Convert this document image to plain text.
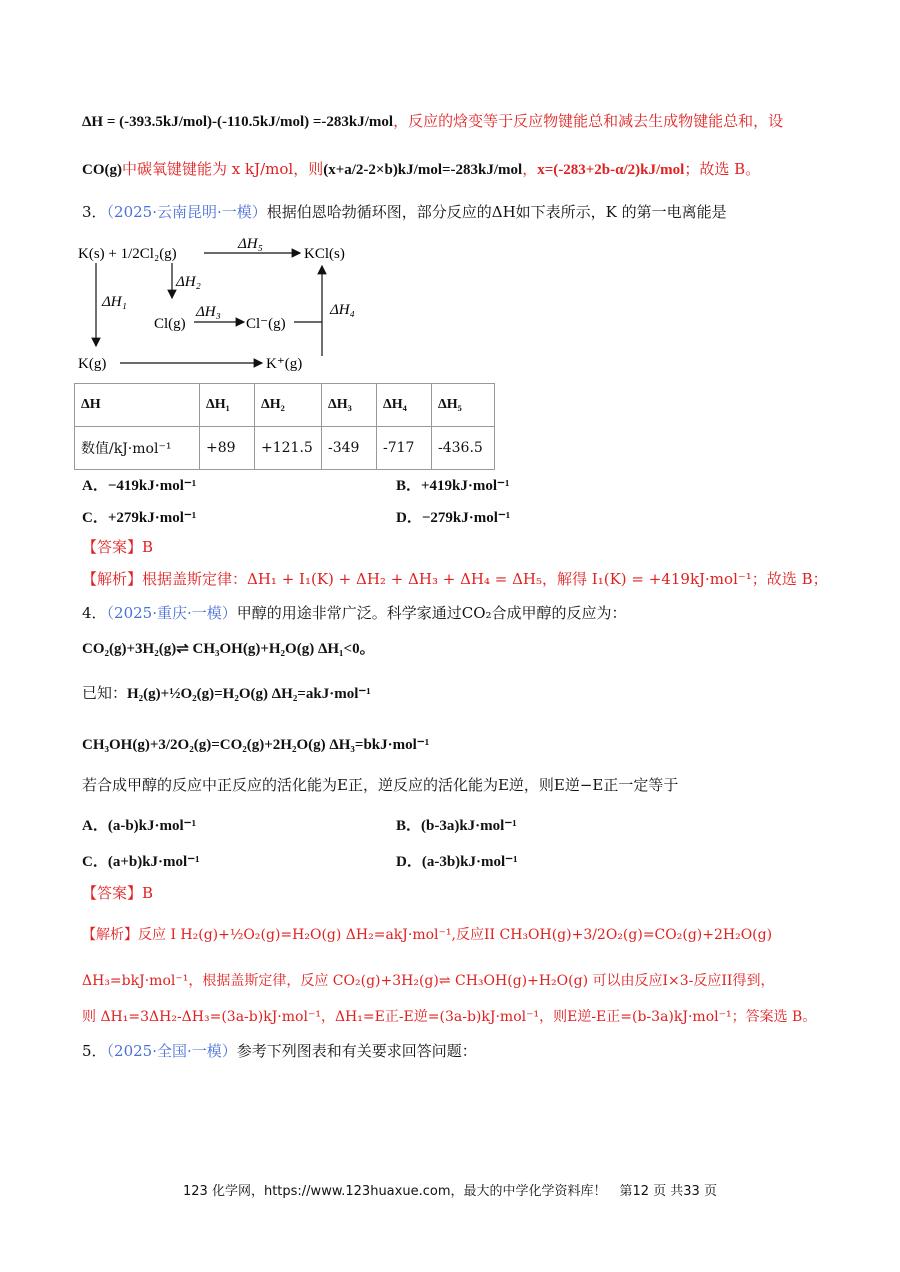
ΔH = (-393.5kJ/mol)-(-110.5kJ/mol) =-283kJ/mol，反应的焓变等于反应物键能总和减去生成物键能总和，设
CO(g)中碳氧键键能为 x kJ/mol，则(x+a/2-2×b)kJ/mol=-283kJ/mol，x=(-283+2b-α/2)kJ/mol；故选 B。
3．（2025·云南昆明·一模）根据伯恩哈勃循环图，部分反应的ΔH如下表所示，K 的第一电离能是
K(s) + 1/2Cl₂(g)	KCl(s)
ΔH₅
ΔH₂
ΔH₁
Cl(g)
ΔH₃
Cl⁻(g)
ΔH₄
K(g)	K⁺(g)
ΔH	ΔH₁	ΔH₂	ΔH₃	ΔH₄	ΔH₅
数值/kJ·mol⁻¹	+89	+121.5	-349	-717	-436.5
A．−419kJ·mol⁻¹	B．+419kJ·mol⁻¹
C．+279kJ·mol⁻¹	D．−279kJ·mol⁻¹
【答案】B
【解析】根据盖斯定律：ΔH₁ + I₁(K) + ΔH₂ + ΔH₃ + ΔH₄ = ΔH₅，解得 I₁(K) = +419kJ·mol⁻¹；故选 B；
4．（2025·重庆·一模）甲醇的用途非常广泛。科学家通过CO₂合成甲醇的反应为：
CO₂(g)+3H₂(g)⇌ CH₃OH(g)+H₂O(g) ΔH₁<0。
已知：H₂(g)+½O₂(g)=H₂O(g) ΔH₂=akJ·mol⁻¹
CH₃OH(g)+3/2O₂(g)=CO₂(g)+2H₂O(g) ΔH₃=bkJ·mol⁻¹
若合成甲醇的反应中正反应的活化能为E正，逆反应的活化能为E逆，则E逆−E正一定等于
A．(a-b)kJ·mol⁻¹	B．(b-3a)kJ·mol⁻¹
C．(a+b)kJ·mol⁻¹	D．(a-3b)kJ·mol⁻¹
【答案】B
【解析】反应 I H₂(g)+½O₂(g)=H₂O(g) ΔH₂=akJ·mol⁻¹,反应II CH₃OH(g)+3/2O₂(g)=CO₂(g)+2H₂O(g)
ΔH₃=bkJ·mol⁻¹，根据盖斯定律，反应 CO₂(g)+3H₂(g)⇌ CH₃OH(g)+H₂O(g) 可以由反应I×3-反应II得到，
则 ΔH₁=3ΔH₂-ΔH₃=(3a-b)kJ·mol⁻¹，ΔH₁=E正-E逆=(3a-b)kJ·mol⁻¹，则E逆-E正=(b-3a)kJ·mol⁻¹；答案选 B。
5．（2025·全国·一模）参考下列图表和有关要求回答问题：
123 化学网，https://www.123huaxue.com，最大的中学化学资料库！　第12 页 共33 页
